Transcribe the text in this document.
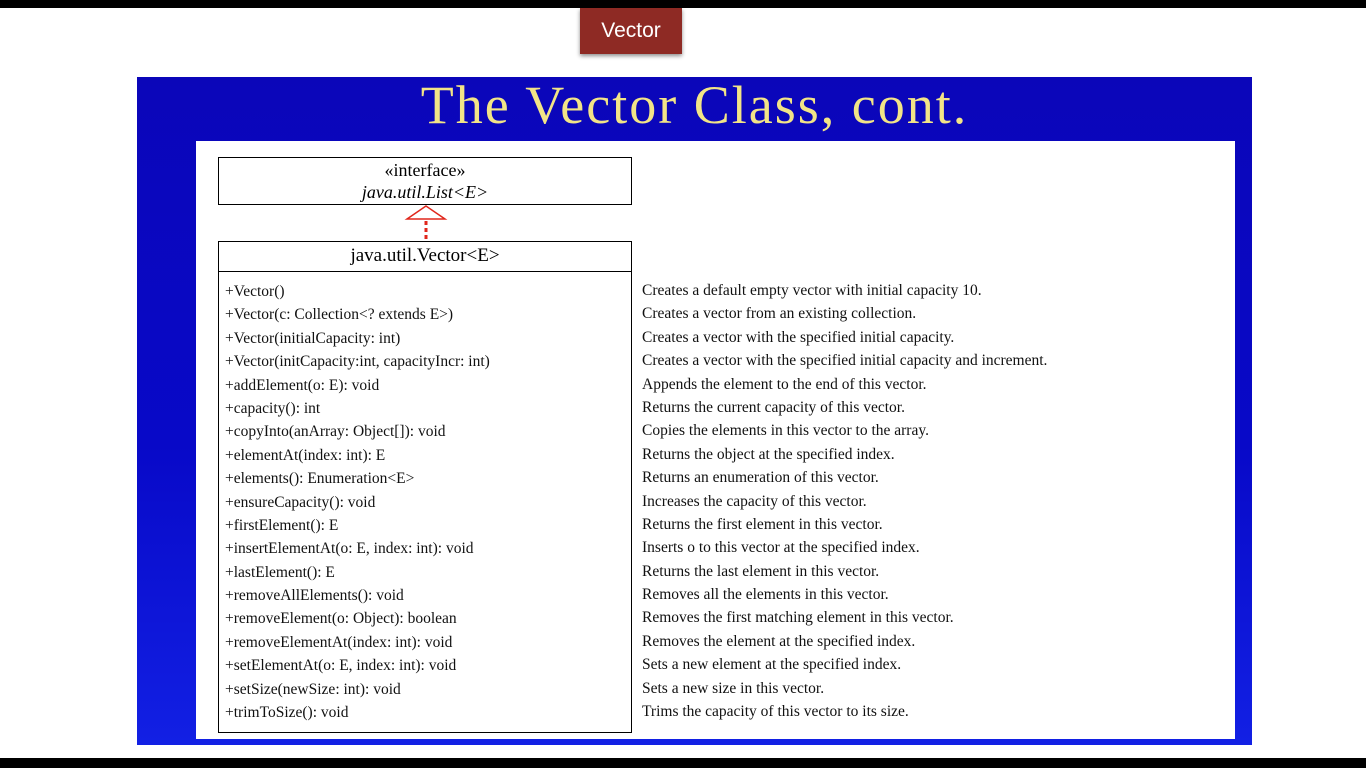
Vector
The Vector Class, cont.
«interface»
java.util.List<E>
java.util.Vector<E>
+Vector()
+Vector(c: Collection<? extends E>)
+Vector(initialCapacity: int)
+Vector(initCapacity:int, capacityIncr: int)
+addElement(o: E): void
+capacity(): int
+copyInto(anArray: Object[]): void
+elementAt(index: int): E
+elements(): Enumeration<E>
+ensureCapacity(): void
+firstElement(): E
+insertElementAt(o: E, index: int): void
+lastElement(): E
+removeAllElements(): void
+removeElement(o: Object): boolean
+removeElementAt(index: int): void
+setElementAt(o: E, index: int): void
+setSize(newSize: int): void
+trimToSize(): void
Creates a default empty vector with initial capacity 10.
Creates a vector from an existing collection.
Creates a vector with the specified initial capacity.
Creates a vector with the specified initial capacity and increment.
Appends the element to the end of this vector.
Returns the current capacity of this vector.
Copies the elements in this vector to the array.
Returns the object at the specified index.
Returns an enumeration of this vector.
Increases the capacity of this vector.
Returns the first element in this vector.
Inserts o to this vector at the specified index.
Returns the last element in this vector.
Removes all the elements in this vector.
Removes the first matching element in this vector.
Removes the element at the specified index.
Sets a new element at the specified index.
Sets a new size in this vector.
Trims the capacity of this vector to its size.
